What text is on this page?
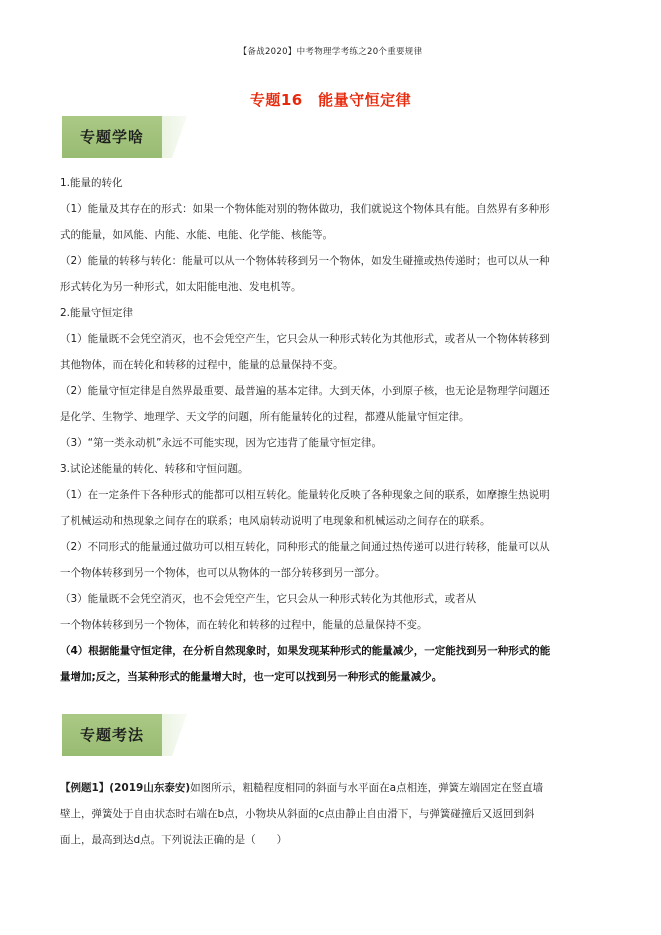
【备战2020】中考物理学考练之20个重要规律
专题16　能量守恒定律
专题学啥
1.能量的转化
（1）能量及其存在的形式：如果一个物体能对别的物体做功，我们就说这个物体具有能。自然界有多种形
式的能量，如风能、内能、水能、电能、化学能、核能等。
（2）能量的转移与转化：能量可以从一个物体转移到另一个物体，如发生碰撞或热传递时；也可以从一种
形式转化为另一种形式，如太阳能电池、发电机等。
2.能量守恒定律
（1）能量既不会凭空消灭，也不会凭空产生，它只会从一种形式转化为其他形式，或者从一个物体转移到
其他物体，而在转化和转移的过程中，能量的总量保持不变。
（2）能量守恒定律是自然界最重要、最普遍的基本定律。大到天体，小到原子核，也无论是物理学问题还
是化学、生物学、地理学、天文学的问题，所有能量转化的过程，都遵从能量守恒定律。
（3）“第一类永动机”永远不可能实现，因为它违背了能量守恒定律。
3.试论述能量的转化、转移和守恒问题。
（1）在一定条件下各种形式的能都可以相互转化。能量转化反映了各种现象之间的联系，如摩擦生热说明
了机械运动和热现象之间存在的联系；电风扇转动说明了电现象和机械运动之间存在的联系。
（2）不同形式的能量通过做功可以相互转化，同种形式的能量之间通过热传递可以进行转移，能量可以从
一个物体转移到另一个物体，也可以从物体的一部分转移到另一部分。
（3）能量既不会凭空消灭，也不会凭空产生，它只会从一种形式转化为其他形式，或者从
一个物体转移到另一个物体，而在转化和转移的过程中，能量的总量保持不变。
（4）根据能量守恒定律，在分析自然现象时，如果发现某种形式的能量减少，一定能找到另一种形式的能
量增加;反之，当某种形式的能量增大时，也一定可以找到另一种形式的能量减少。
专题考法
【例题1】(2019山东泰安)如图所示，粗糙程度相同的斜面与水平面在a点相连，弹簧左端固定在竖直墙
壁上，弹簧处于自由状态时右端在b点，小物块从斜面的c点由静止自由滑下，与弹簧碰撞后又返回到斜
面上，最高到达d点。下列说法正确的是（　　）
